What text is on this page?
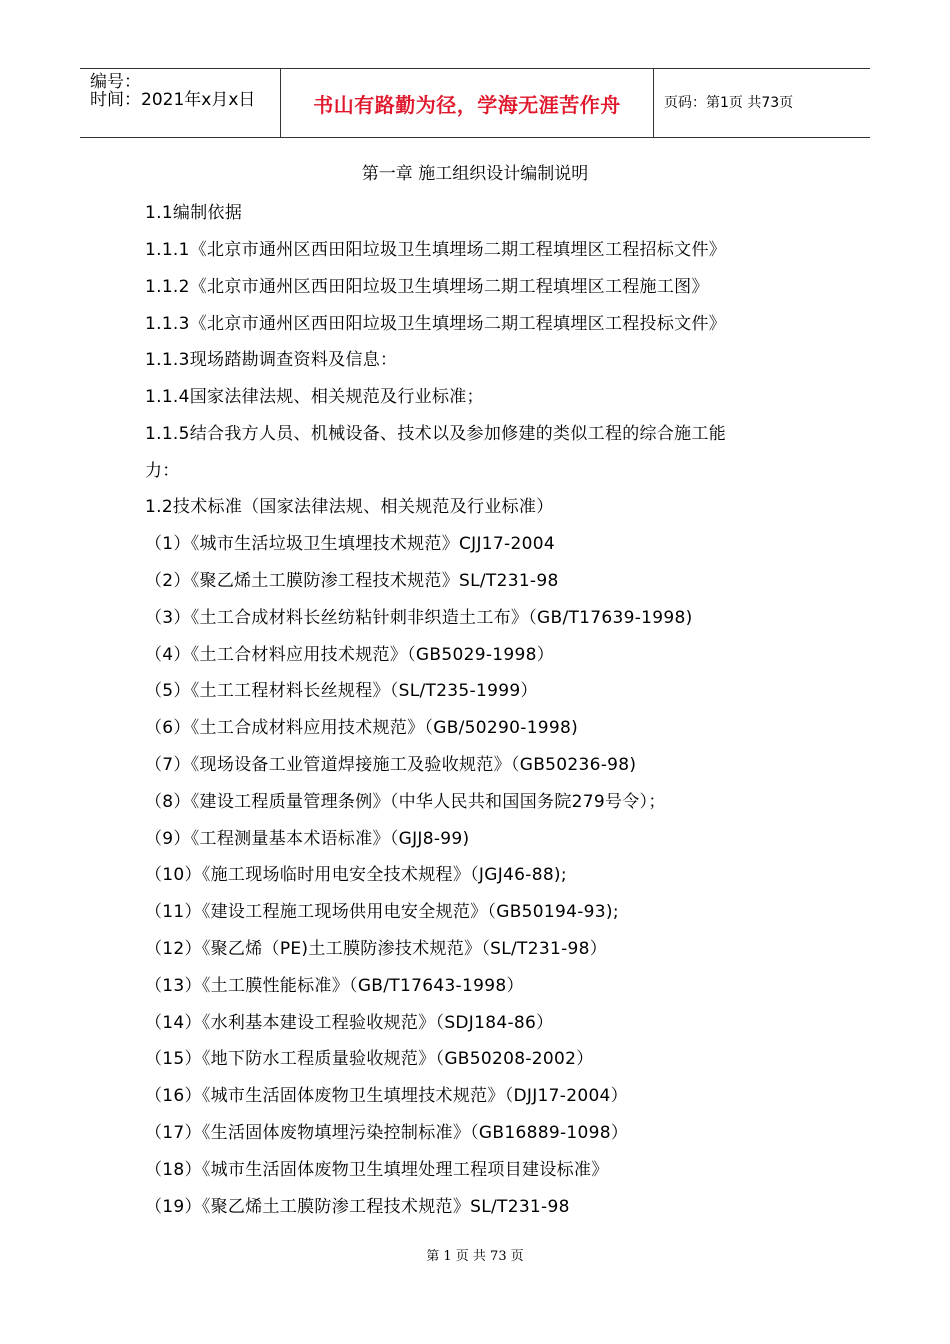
编号：
时间：2021年x月x日	书山有路勤为径，学海无涯苦作舟	页码：第1页 共73页
第一章 施工组织设计编制说明
1.1编制依据
1.1.1《北京市通州区西田阳垃圾卫生填埋场二期工程填埋区工程招标文件》
1.1.2《北京市通州区西田阳垃圾卫生填埋场二期工程填埋区工程施工图》
1.1.3《北京市通州区西田阳垃圾卫生填埋场二期工程填埋区工程投标文件》
1.1.3现场踏勘调查资料及信息：
1.1.4国家法律法规、相关规范及行业标准；
1.1.5结合我方人员、机械设备、技术以及参加修建的类似工程的综合施工能
力：
1.2技术标准（国家法律法规、相关规范及行业标准）
（1）《城市生活垃圾卫生填埋技术规范》CJJ17-2004
（2）《聚乙烯土工膜防渗工程技术规范》SL/T231-98
（3）《土工合成材料长丝纺粘针刺非织造土工布》（GB/T17639-1998)
（4）《土工合材料应用技术规范》（GB5029-1998）
（5）《土工工程材料长丝规程》（SL/T235-1999）
（6）《土工合成材料应用技术规范》（GB/50290-1998)
（7）《现场设备工业管道焊接施工及验收规范》（GB50236-98)
（8）《建设工程质量管理条例》（中华人民共和国国务院279号令）；
（9）《工程测量基本术语标准》（GJJ8-99)
（10）《施工现场临时用电安全技术规程》（JGJ46-88);
（11）《建设工程施工现场供用电安全规范》（GB50194-93);
（12）《聚乙烯（PE)土工膜防渗技术规范》（SL/T231-98）
（13）《土工膜性能标准》（GB/T17643-1998）
（14）《水利基本建设工程验收规范》（SDJ184-86）
（15）《地下防水工程质量验收规范》（GB50208-2002）
（16）《城市生活固体废物卫生填埋技术规范》（DJJ17-2004）
（17）《生活固体废物填埋污染控制标准》（GB16889-1098）
（18）《城市生活固体废物卫生填埋处理工程项目建设标准》
（19）《聚乙烯土工膜防渗工程技术规范》SL/T231-98
第 1 页 共 73 页
